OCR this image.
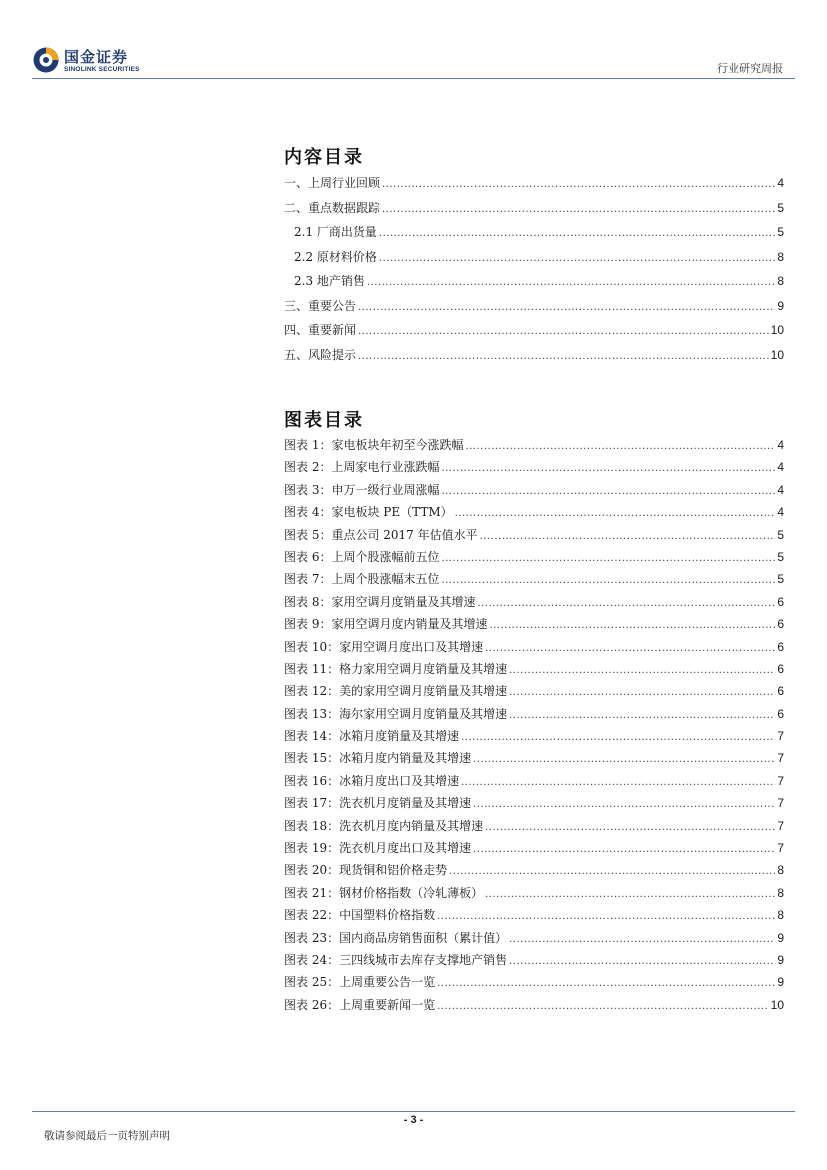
国金证券
SINOLINK SECURITIES	行业研究周报
内容目录
一、上周行业回顾 .....	4
二、重点数据跟踪 .....	5
2.1 厂商出货量 .....	5
2.2 原材料价格 .....	8
2.3 地产销售 .....	8
三、重要公告 .....	9
四、重要新闻 .....	10
五、风险提示 .....	10
图表目录
图表 1：家电板块年初至今涨跌幅 .....	4
图表 2：上周家电行业涨跌幅 .....	4
图表 3：申万一级行业周涨幅 .....	4
图表 4：家电板块 PE（TTM） .....	4
图表 5：重点公司 2017 年估值水平 .....	5
图表 6：上周个股涨幅前五位 .....	5
图表 7：上周个股涨幅末五位 .....	5
图表 8：家用空调月度销量及其增速 .....	6
图表 9：家用空调月度内销量及其增速 .....	6
图表 10：家用空调月度出口及其增速 .....	6
图表 11：格力家用空调月度销量及其增速 .....	6
图表 12：美的家用空调月度销量及其增速 .....	6
图表 13：海尔家用空调月度销量及其增速 .....	6
图表 14：冰箱月度销量及其增速 .....	7
图表 15：冰箱月度内销量及其增速 .....	7
图表 16：冰箱月度出口及其增速 .....	7
图表 17：洗衣机月度销量及其增速 .....	7
图表 18：洗衣机月度内销量及其增速 .....	7
图表 19：洗衣机月度出口及其增速 .....	7
图表 20：现货铜和铝价格走势 .....	8
图表 21：钢材价格指数（冷轧薄板） .....	8
图表 22：中国塑料价格指数 .....	8
图表 23：国内商品房销售面积（累计值） .....	9
图表 24：三四线城市去库存支撑地产销售 .....	9
图表 25：上周重要公告一览 .....	9
图表 26：上周重要新闻一览 .....	10
- 3 -
敬请参阅最后一页特别声明
